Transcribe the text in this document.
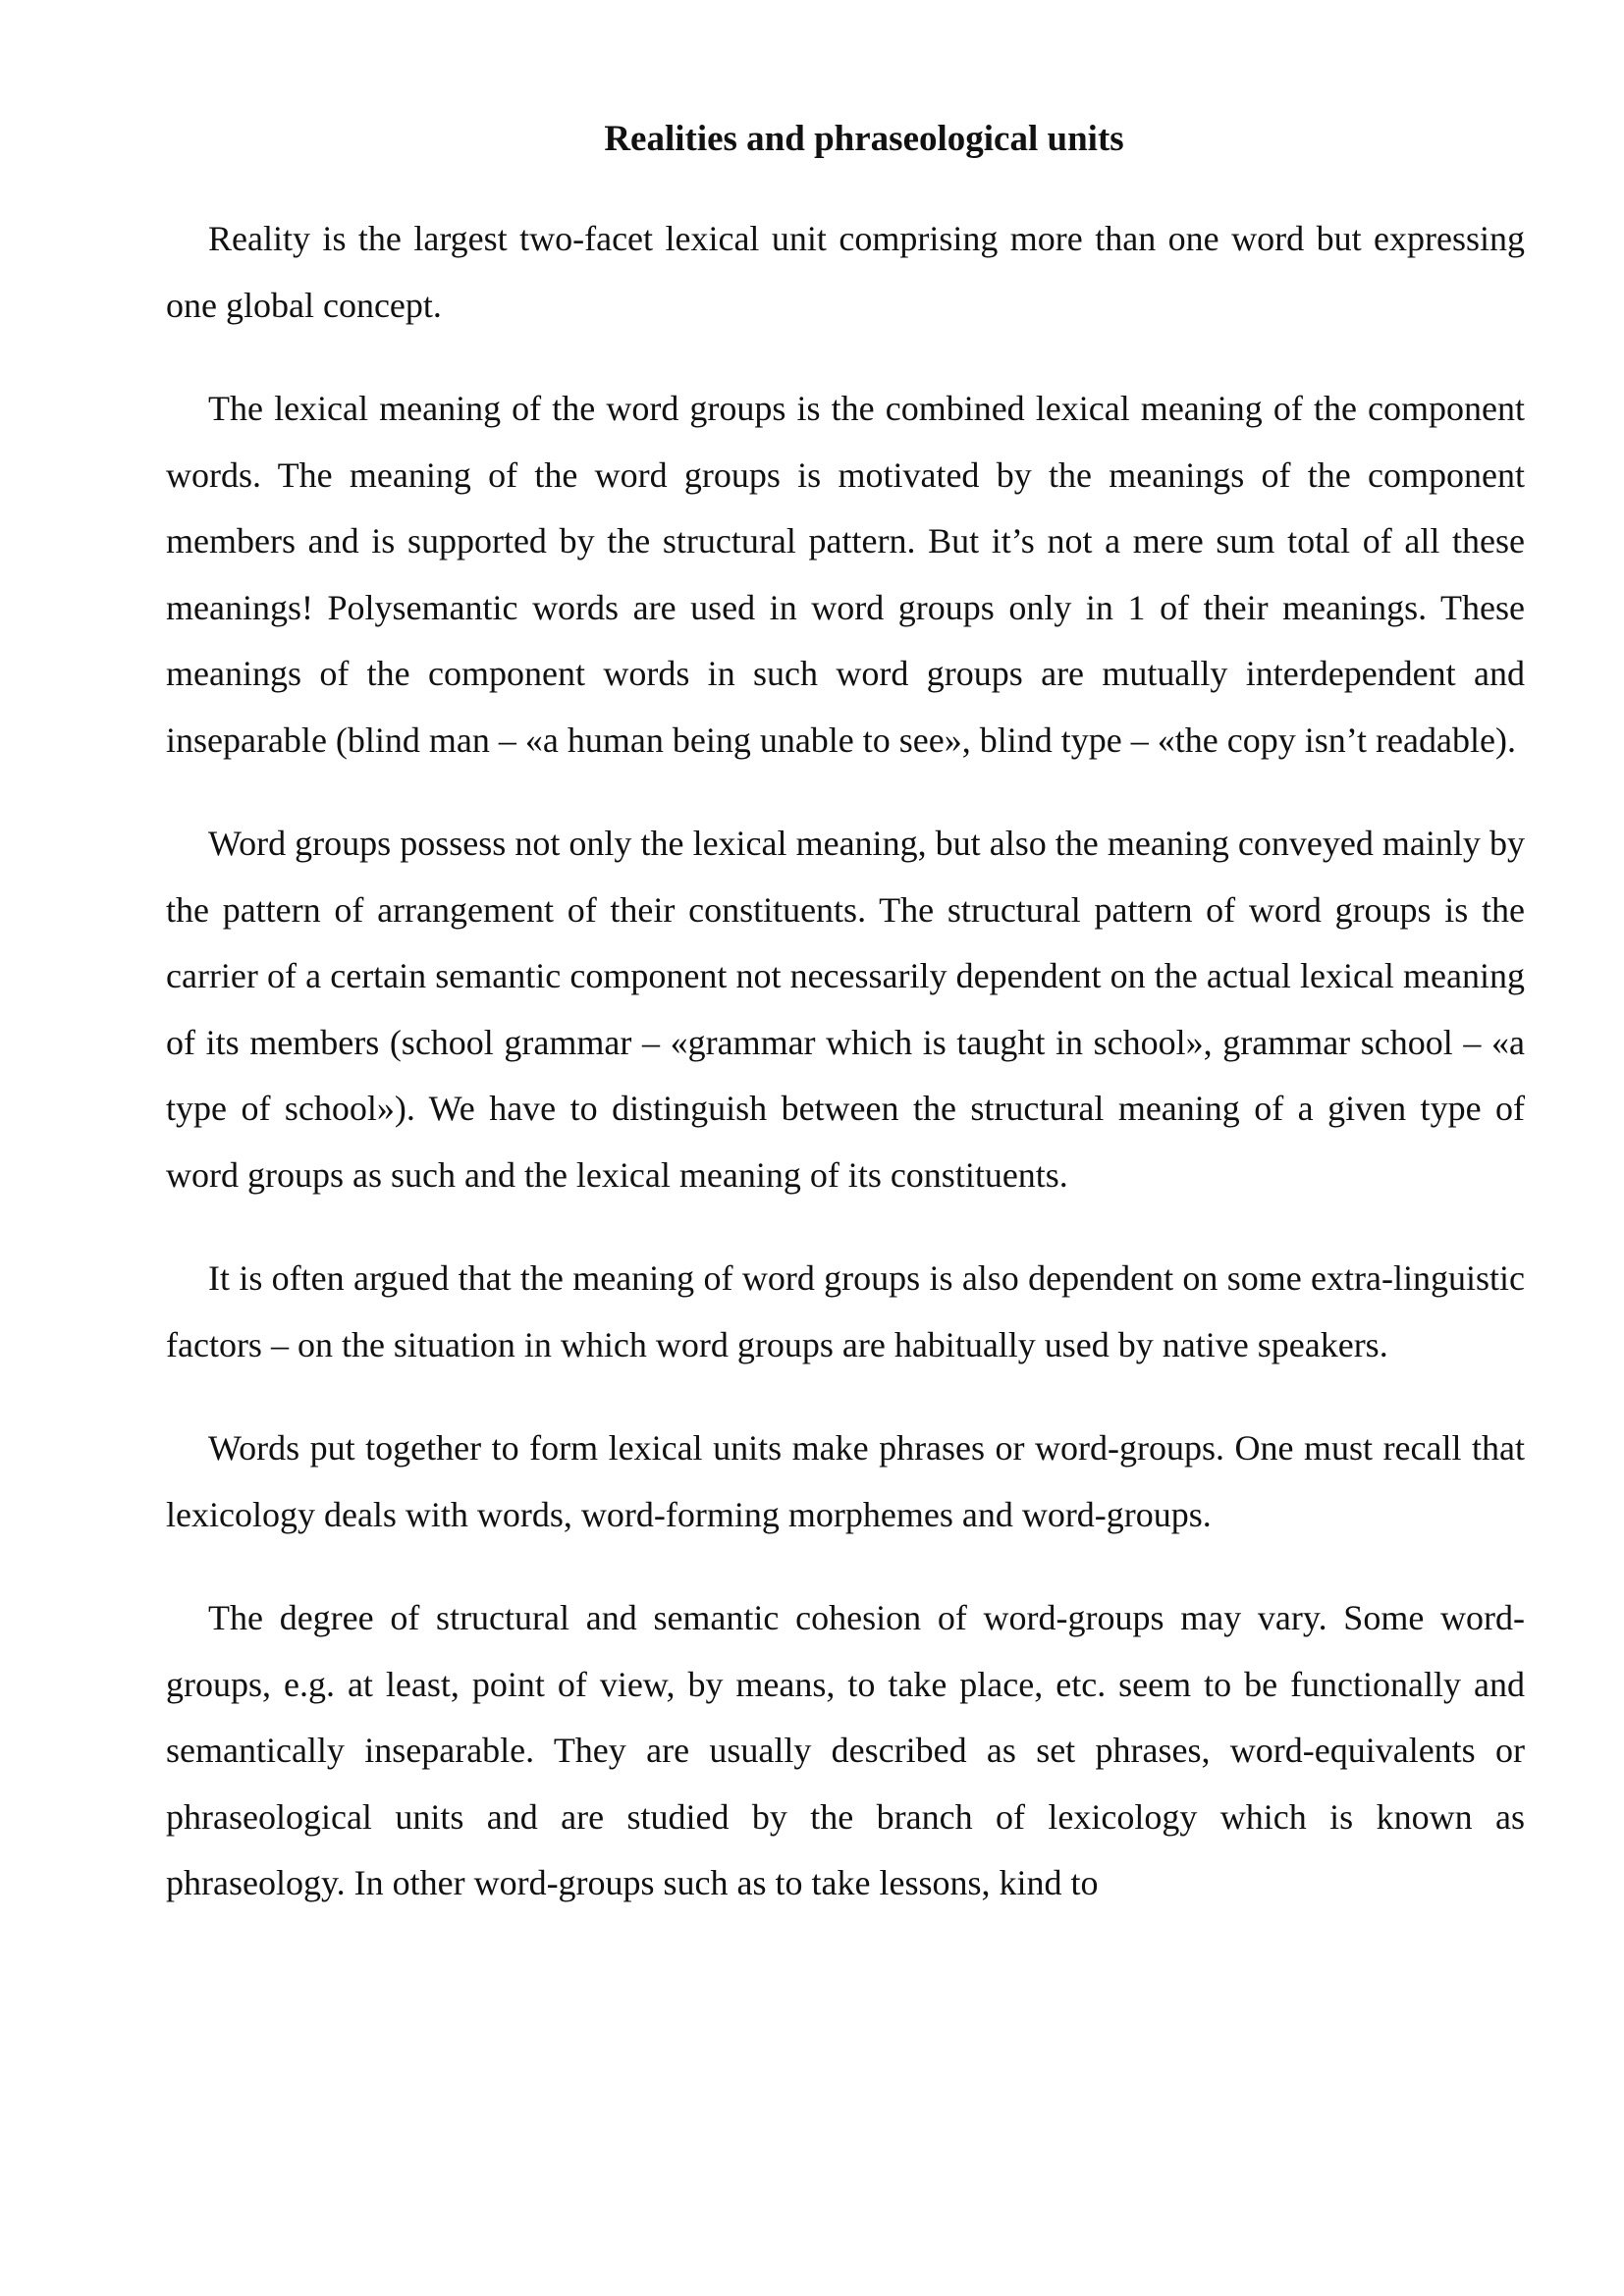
Realities and phraseological units

Reality is the largest two-facet lexical unit comprising more than one word but expressing one global concept.

The lexical meaning of the word groups is the combined lexical meaning of the component words. The meaning of the word groups is motivated by the meanings of the component members and is supported by the structural pattern. But it’s not a mere sum total of all these meanings! Polysemantic words are used in word groups only in 1 of their meanings. These meanings of the component words in such word groups are mutually interdependent and inseparable (blind man – «a human being unable to see», blind type – «the copy isn’t readable).

Word groups possess not only the lexical meaning, but also the meaning conveyed mainly by the pattern of arrangement of their constituents. The structural pattern of word groups is the carrier of a certain semantic component not necessarily dependent on the actual lexical meaning of its members (school grammar – «grammar which is taught in school», grammar school – «a type of school»). We have to distinguish between the structural meaning of a given type of word groups as such and the lexical meaning of its constituents.

It is often argued that the meaning of word groups is also dependent on some extra-linguistic factors – on the situation in which word groups are habitually used by native speakers.

Words put together to form lexical units make phrases or word-groups. One must recall that lexicology deals with words, word-forming morphemes and word-groups.

The degree of structural and semantic cohesion of word-groups may vary. Some word-groups, e.g. at least, point of view, by means, to take place, etc. seem to be functionally and semantically inseparable. They are usually described as set phrases, word-equivalents or phraseological units and are studied by the branch of lexicology which is known as phraseology. In other word-groups such as to take lessons, kind to
